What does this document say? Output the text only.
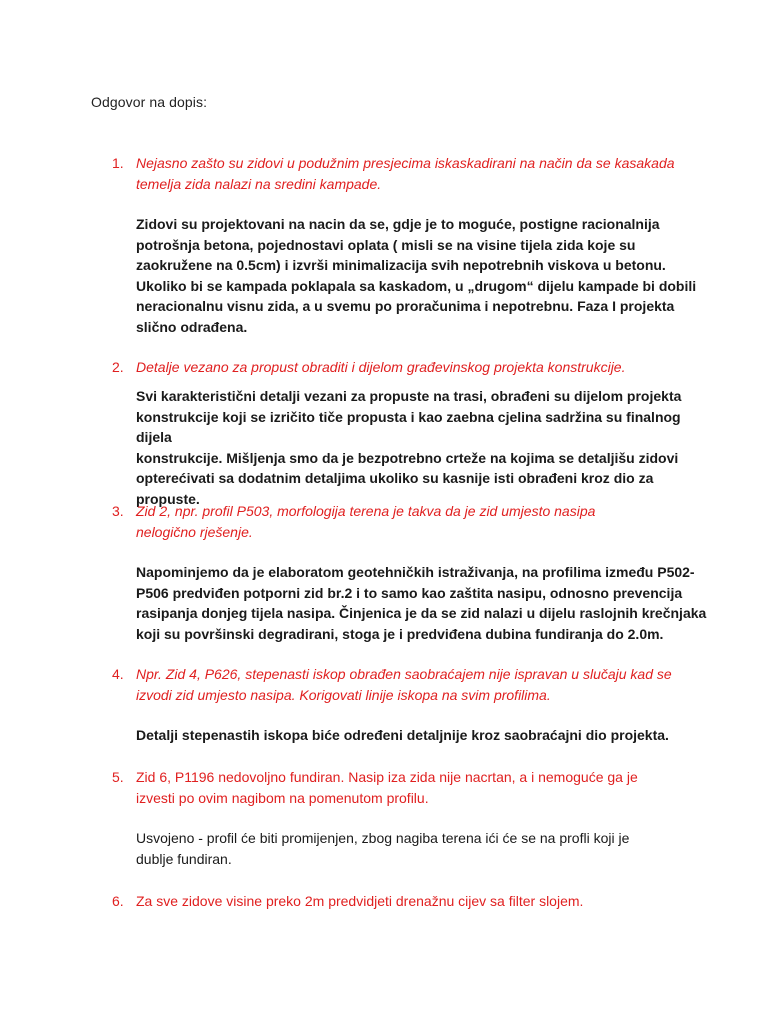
Odgovor na dopis:
1. Nejasno zašto su zidovi u podužnim presjecima iskaskadirani na način da se kasakada

temelja zida nalazi na sredini kampade.

Zidovi su projektovani na nacin da se, gdje je to moguće, postigne racionalnija

potrošnja betona, pojednostavi oplata ( misli se na visine tijela zida koje su

zaokružene na 0.5cm) i izvrši minimalizacija svih nepotrebnih viskova u betonu.

Ukoliko bi se kampada poklapala sa kaskadom, u „drugom“ dijelu kampade bi dobili

neracionalnu visnu zida, a u svemu po proračunima i nepotrebnu. Faza I projekta

slično odrađena.

2. Detalje vezano za propust obraditi i dijelom građevinskog projekta konstrukcije.

Svi karakteristični detalji vezani za propuste na trasi, obrađeni su dijelom projekta

konstrukcije koji se izričito tiče propusta i kao zaebna cjelina sadržina su finalnog dijela

konstrukcije. Mišljenja smo da je bezpotrebno crteže na kojima se detaljišu zidovi

opterećivati sa dodatnim detaljima ukoliko su kasnije isti obrađeni kroz dio za

propuste.

3. Zid 2, npr. profil P503, morfologija terena je takva da je zid umjesto nasipa

nelogično rješenje.

Napominjemo da je elaboratom geotehničkih istraživanja, na profilima između P502-

P506 predviđen potporni zid br.2 i to samo kao zaštita nasipu, odnosno prevencija

rasipanja donjeg tijela nasipa. Činjenica je da se zid nalazi u dijelu raslojnih krečnjaka

koji su površinski degradirani, stoga je i predviđena dubina fundiranja do 2.0m.

4. Npr. Zid 4, P626, stepenasti iskop obrađen saobraćajem nije ispravan u slučaju kad se

izvodi zid umjesto nasipa. Korigovati linije iskopa na svim profilima.

Detalji stepenastih iskopa biće određeni detaljnije kroz saobraćajni dio projekta.

5. Zid 6, P1196 nedovoljno fundiran. Nasip iza zida nije nacrtan, a i nemoguće ga je

izvesti po ovim nagibom na pomenutom profilu.

Usvojeno - profil će biti promijenjen, zbog nagiba terena ići će se na profli koji je

dublje fundiran.

6. Za sve zidove visine preko 2m predvidjeti drenažnu cijev sa filter slojem.
